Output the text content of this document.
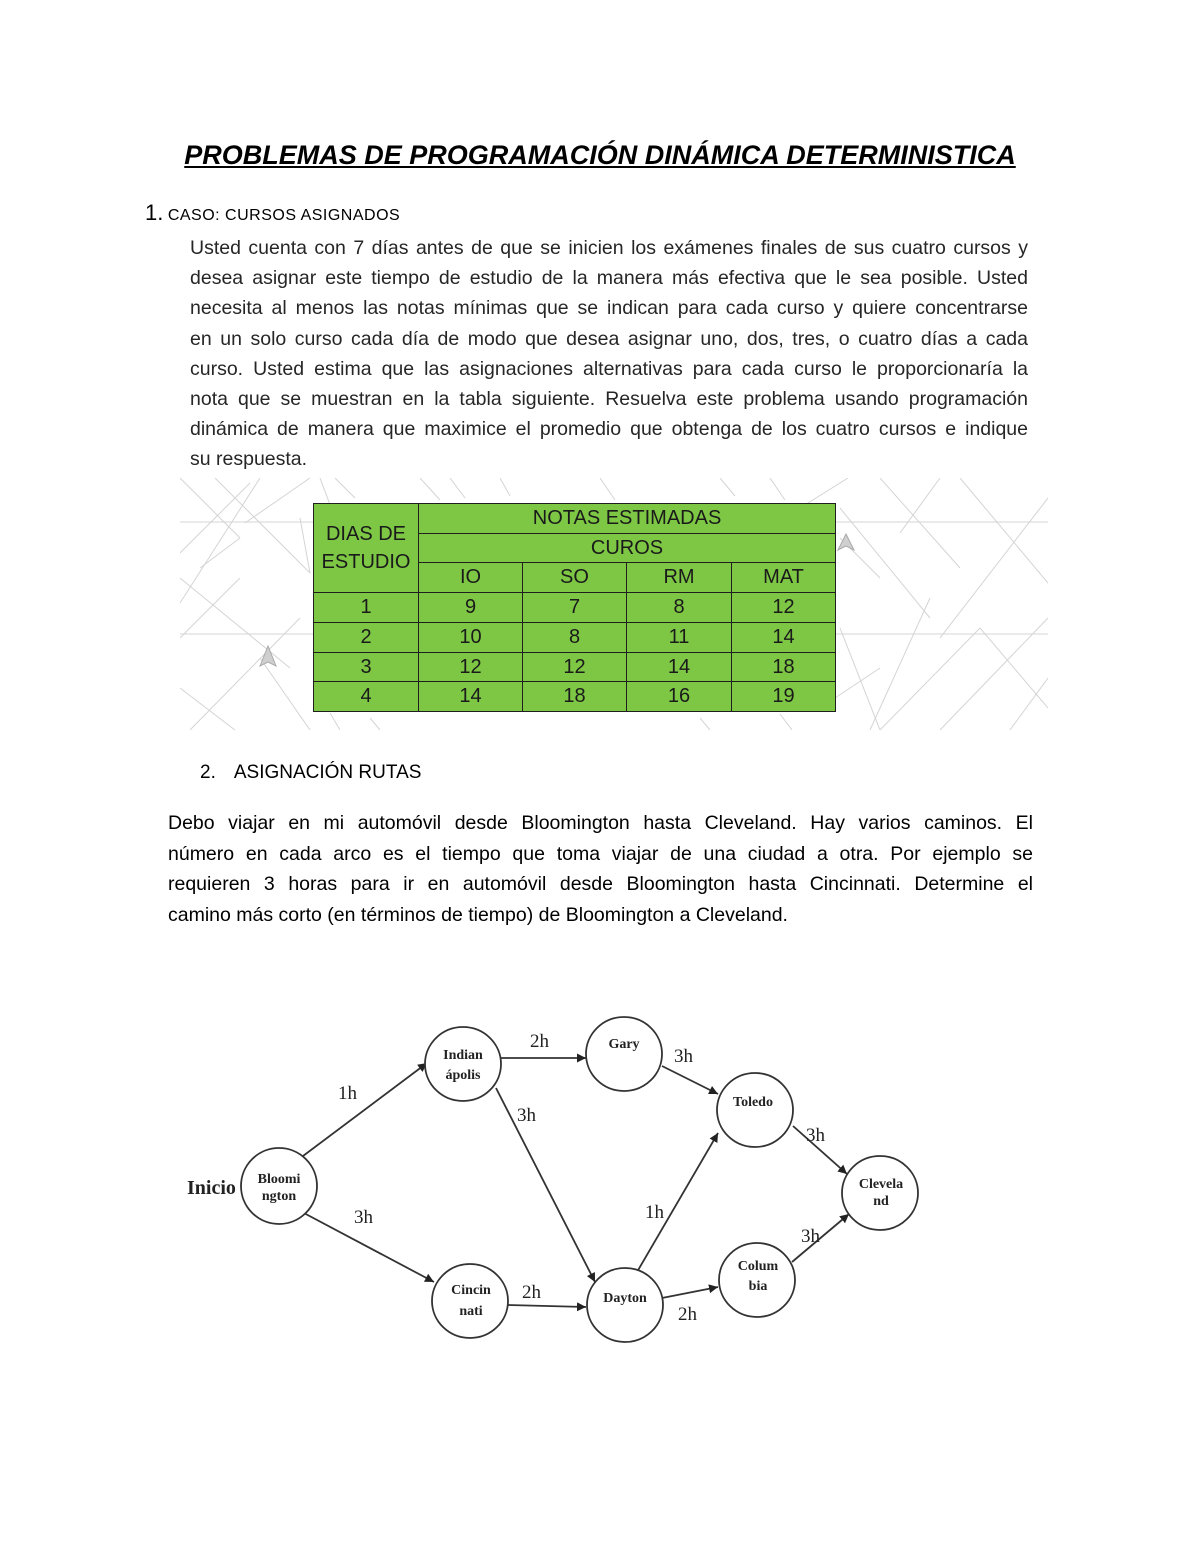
PROBLEMAS DE PROGRAMACIÓN DINÁMICA DETERMINISTICA
1. CASO: CURSOS ASIGNADOS
Usted cuenta con 7 días antes de que se inicien los exámenes finales de sus cuatro cursos y
desea asignar este tiempo de estudio de la manera más efectiva que le sea posible. Usted
necesita al menos las notas mínimas que se indican para cada curso y quiere concentrarse
en un solo curso cada día de modo que desea asignar uno, dos, tres, o cuatro días a cada
curso. Usted estima que las asignaciones alternativas para cada curso le proporcionaría la
nota que se muestran en la tabla siguiente. Resuelva este problema usando programación
dinámica de manera que maximice el promedio que obtenga de los cuatro cursos e indique
su respuesta.
DIAS DE
ESTUDIO	NOTAS ESTIMADAS			
	CUROS			
	IO	SO	RM	MAT
1	9	7	8	12
2	10	8	11	14
3	12	12	14	18
4	14	18	16	19
2. ASIGNACIÓN RUTAS
Debo viajar en mi automóvil desde Bloomington hasta Cleveland. Hay varios caminos. El
número en cada arco es el tiempo que toma viajar de una ciudad a otra. Por ejemplo se
requieren 3 horas para ir en automóvil desde Bloomington hasta Cincinnati. Determine el
camino más corto (en términos de tiempo) de Bloomington a Cleveland.
Inicio
1h
3h
2h
3h
2h
3h
1h
2h
3h
3h
Bloomi
ngton
Indian
ápolis
Cincin
nati
Gary
Dayton
Toledo
Colum
bia
Clevela
nd
